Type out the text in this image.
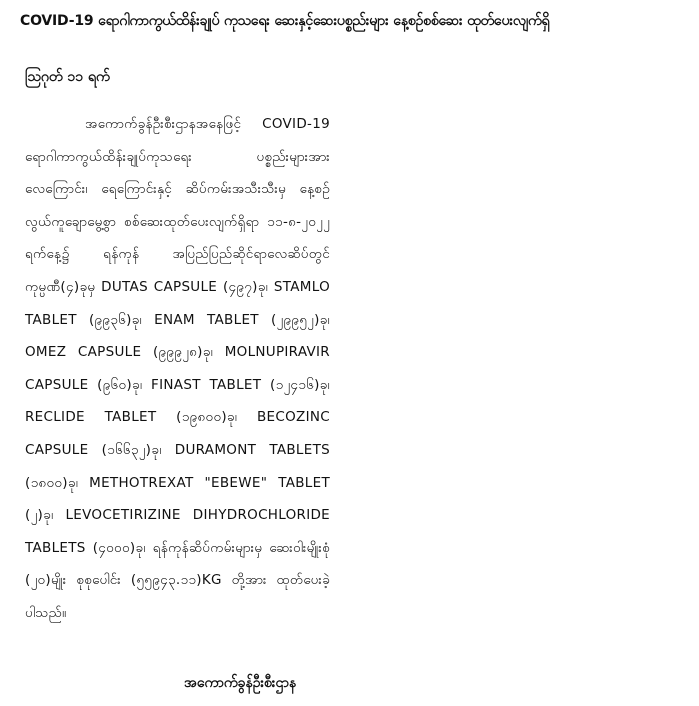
COVID-19 ရောဂါကာကွယ်ထိန်းချုပ် ကုသရေး ဆေးနှင့်ဆေးပစ္စည်းများ နေ့စဉ်စစ်ဆေး ထုတ်ပေးလျက်ရှိ
ဩဂုတ် ၁၁ ရက်
အကောက်ခွန်ဦးစီးဌာနအနေဖြင့် COVID-19 ရောဂါကာကွယ်ထိန်းချုပ်ကုသရေး ပစ္စည်းများအား လေကြောင်း၊ ရေကြောင်းနှင့် ဆိပ်ကမ်းအသီးသီးမှ နေ့စဉ်လွယ်ကူချောမွေ့စွာ စစ်ဆေးထုတ်ပေးလျက်ရှိရာ ၁၁-၈-၂၀၂၂ ရက်နေ့၌ ရန်ကုန် အပြည်ပြည်ဆိုင်ရာလေဆိပ်တွင် ကုမ္ပဏီ(၄)ခုမှ DUTAS CAPSULE (၄၉၇)ခု၊ STAMLO TABLET (၉၉၃၆)ခု၊ ENAM TABLET (၂၉၉၅၂)ခု၊ OMEZ CAPSULE (၉၉၉၂၈)ခု၊ MOLNUPIRAVIR CAPSULE (၉၆၀)ခု၊ FINAST TABLET (၁၂၄၁၆)ခု၊ RECLIDE TABLET (၁၉၈၀၀)ခု၊ BECOZINC CAPSULE (၁၆၆၃၂)ခု၊ DURAMONT TABLETS (၁၈၀၀)ခု၊ METHOTREXAT "EBEWE" TABLET (၂)ခု၊ LEVOCETIRIZINE DIHYDROCHLORIDE TABLETS (၄၀၀၀)ခု၊ ရန်ကုန်ဆိပ်ကမ်းများမှ ဆေးဝါးမျိုးစုံ (၂၀)မျိုး စုစုပေါင်း (၅၅၉၄၃.၁၁)KG တို့အား ထုတ်ပေးခဲ့ပါသည်။
အကောက်ခွန်ဦးစီးဌာန
